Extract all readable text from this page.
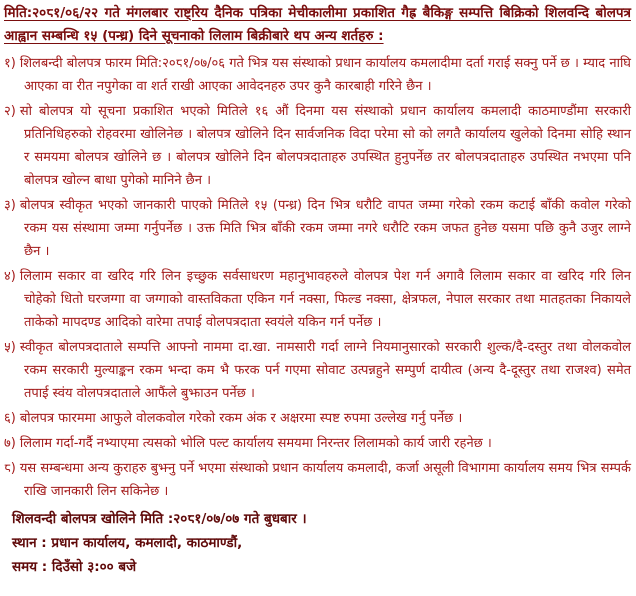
मिति:२०८१/०६/२२ गते मंगलबार राष्ट्रिय दैनिक पत्रिका मेचीकालीमा प्रकाशित गैह्र बैकिङ्ग सम्पत्ति बिक्रिको शिलवन्दि बोलपत्र आह्वान सम्बन्धि १५ (पन्ध्र) दिने सूचनाको लिलाम बिक्रीबारे थप अन्य शर्तहरु :

१) शिलबन्दी बोलपत्र फारम मिति:२०८१/०७/०६ गते भित्र यस संस्थाको प्रधान कार्यालय कमलादीमा दर्ता गराई सक्नु पर्ने छ । म्याद नाघि आएका वा रीत नपुगेका वा शर्त राखी आएका आवेदनहरु उपर कुनै कारबाही गरिने छैन ।

२) सो बोलपत्र यो सूचना प्रकाशित भएको मितिले १६ औं दिनमा यस संस्थाको प्रधान कार्यालय कमलादी काठमाण्डौंमा सरकारी प्रतिनिधिहरुको रोहवरमा खोलिनेछ । बोलपत्र खोलिने दिन सार्वजनिक विदा परेमा सो को लगतै कार्यालय खुलेको दिनमा सोहि स्थान र समयमा बोलपत्र खोलिने छ । बोलपत्र खोलिने दिन बोलपत्रदाताहरु उपस्थित हुनुपर्नेछ तर बोलपत्रदाताहरु उपस्थित नभएमा पनि बोलपत्र खोल्न बाधा पुगेको मानिने छैन ।

३) बोलपत्र स्वीकृत भएको जानकारी पाएको मितिले १५ (पन्ध्र) दिन भित्र धरौटि वापत जम्मा गरेको रकम कटाई बाँकी कवोल गरेको रकम यस संस्थामा जम्मा गर्नुपर्नेछ । उक्त मिति भित्र बाँकी रकम जम्मा नगरे धरौटि रकम जफत हुनेछ यसमा पछि कुनै उजुर लाग्ने छैन ।

४) लिलाम सकार वा खरिद गरि लिन इच्छुक सर्वसाधरण महानुभावहरुले वोलपत्र पेश गर्न अगावै लिलाम सकार वा खरिद गरि लिन चोहेको धितो घरजग्गा वा जग्गाको वास्तविकता एकिन गर्न नक्सा, फिल्ड नक्सा, क्षेत्रफल, नेपाल सरकार तथा मातहतका निकायले ताकेको मापदण्ड आदिको वारेमा तपाई वोलपत्रदाता स्वयंले यकिन गर्न पर्नेछ ।

५) स्वीकृत बोलपत्रदाताले सम्पत्ति आफ्नो नाममा दा.खा. नामसारी गर्दा लाग्ने नियमानुसारको सरकारी शुल्क/दै-दस्तुर तथा वोलकवोल रकम सरकारी मुल्याङ्कन रकम भन्दा कम भै फरक पर्न गएमा सोवाट उत्पन्नहुने सम्पुर्ण दायीत्व (अन्य दै-दूस्तुर तथा राजश्व) समेत तपाई स्वंय वोलपत्रदाताले आफैंले बुझाउन पर्नेछ ।

६) बोलपत्र फारममा आफुले वोलकवोल गरेको रकम अंक र अक्षरमा स्पष्ट रुपमा उल्लेख गर्नु पर्नेछ ।

७) लिलाम गर्दा-गर्दै नभ्याएमा त्यसको भोलि पल्ट कार्यालय समयमा निरन्तर लिलामको कार्य जारी रहनेछ ।

८) यस सम्बन्धमा अन्य कुराहरु बुझ्नु पर्ने भएमा संस्थाको प्रधान कार्यालय कमलादी, कर्जा असूली विभागमा कार्यालय समय भित्र सम्पर्क राखि जानकारी लिन सकिनेछ ।

शिलवन्दी बोलपत्र खोलिने मिति :२०८१/०७/०७ गते बुधबार ।

स्थान : प्रधान कार्यालय, कमलादी, काठमाण्डौं,

समय : दिउँसो ३:०० बजे
